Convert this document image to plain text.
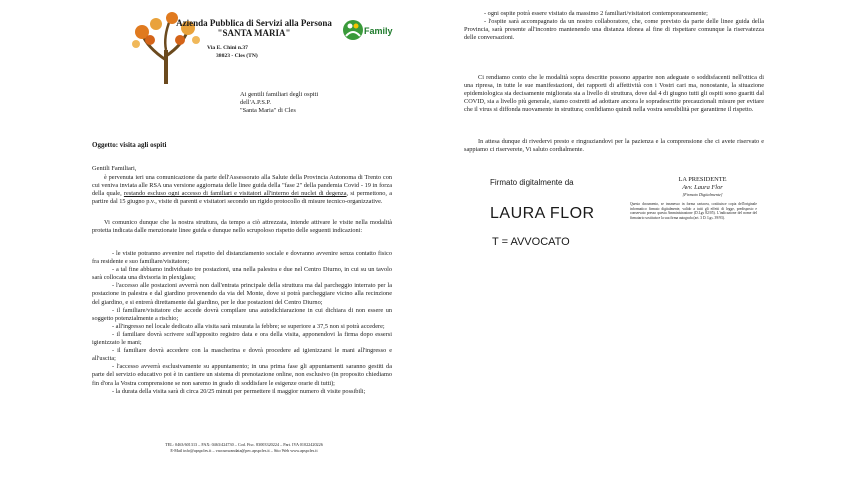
Azienda Pubblica di Servizi alla Persona
"SANTA MARIA"
Via E. Chini n.37
38023 - Cles (TN)
Family
Ai gentili familiari degli ospiti
dell'A.P.S.P.
"Santa Maria" di Cles
Oggetto: visita agli ospiti
Gentili Familiari,
è pervenuta ieri una comunicazione da parte dell'Assessorato alla Salute della Provincia Autonoma di Trento con cui veniva inviata alle RSA una versione aggiornata delle linee guida della "fase 2" della pandemia Covid - 19 in forza della quale, restando escluso ogni accesso di familiari e visitatori all'interno dei nuclei di degenza, si permettono, a partire dal 15 giugno p.v., visite di parenti e visitatori secondo un rigido protocollo di misure tecnico-organizzative.
Vi comunico dunque che la nostra struttura, da tempo a ciò attrezzata, intende attivare le visite nella modalità protetta indicata dalle menzionate linee guida e dunque nello scrupoloso rispetto delle seguenti indicazioni:
- le visite potranno avvenire nel rispetto del distanziamento sociale e dovranno avvenire senza contatto fisico fra residente e suo familiare/visitatore;
- a tal fine abbiamo individuato tre postazioni, una nella palestra e due nel Centro Diurno, in cui su un tavolo sarà collocata una divisoria in plexiglass;
- l'accesso alle postazioni avverrà non dall'entrata principale della struttura ma dal parcheggio interrato per la postazione in palestra e dal giardino provenendo da via del Monte, dove si potrà parcheggiare vicino alla recinzione del giardino, e si entrerà direttamente dal giardino, per le due postazioni del Centro Diurno;
- il familiare/visitatore che accede dovrà compilare una autodichiarazione in cui dichiara di non essere un soggetto potenzialmente a rischio;
- all'ingresso nel locale dedicato alla visita sarà misurata la febbre; se superiore a 37,5 non si potrà accedere;
- il familiare dovrà scrivere sull'apposito registro data e ora della visita, apponendovi la firma dopo essersi igienizzato le mani;
- il familiare dovrà accedere con la mascherina e dovrà procedere ad igienizzarsi le mani all'ingresso e all'uscita;
- l'accesso avverrà esclusivamente su appuntamento; in una prima fase gli appuntamenti saranno gestiti da parte del servizio educativo poi è in cantiere un sistema di prenotazione online, non esclusivo (in proposito chiediamo fin d'ora la Vostra comprensione se non saremo in grado di soddisfare le esigenze orarie di tutti);
- la durata della visita sarà di circa 20/25 minuti per permettere il maggior numero di visite possibili;
TEL: 0463/601313 – FAX: 0463/424730 – Cod. Fisc. 83003320224 – Part. IVA 01022420226
E-Mail info@apspcles.it – vaccunwandata@pec.apspcles.it – Sito Web www.apspcles.it
- ogni ospite potrà essere visitato da massimo 2 familiari/visitatori contemporaneamente;
- l'ospite sarà accompagnato da un nostro collaboratore, che, come previsto da parte delle linee guida della Provincia, sarà presente all'incontro mantenendo una distanza idonea al fine di rispettare comunque la riservatezza delle conversazioni.
Ci rendiamo conto che le modalità sopra descritte possono apparire non adeguate o soddisfacenti nell'ottica di una ripresa, in tutte le sue manifestazioni, dei rapporti di affettività con i Vostri cari ma, nonostante, la situazione epidemiologica sia decisamente migliorata sia a livello di struttura, dove dal 4 di giugno tutti gli ospiti sono guariti dal COVID, sia a livello più generale, siamo costretti ad adottare ancora le sopradescritte precauzionali misure per evitare che il virus si diffonda nuovamente in struttura; confidiamo quindi nella vostra sensibilità per garantirne il rispetto.
In attesa dunque di rivedervi presto e ringraziandovi per la pazienza e la comprensione che ci avete riservato e sappiamo ci riserverete, Vi saluto cordialmente.
Firmato digitalmente da
LAURA FLOR
T = AVVOCATO
LA PRESIDENTE
Avv. Laura Flor
[Firmato Digitalmente]
Questo documento, se trasmesso in forma cartacea, costituisce copia dell'originale informatico firmato digitalmente, valido a tutti gli effetti di legge, predisposto e conservato presso questa Amministrazione (D.Lgs 82/05). L'indicazione del nome del firmatario sostituisce la sua firma autografa (art. 3 D. Lgs. 39/93).
